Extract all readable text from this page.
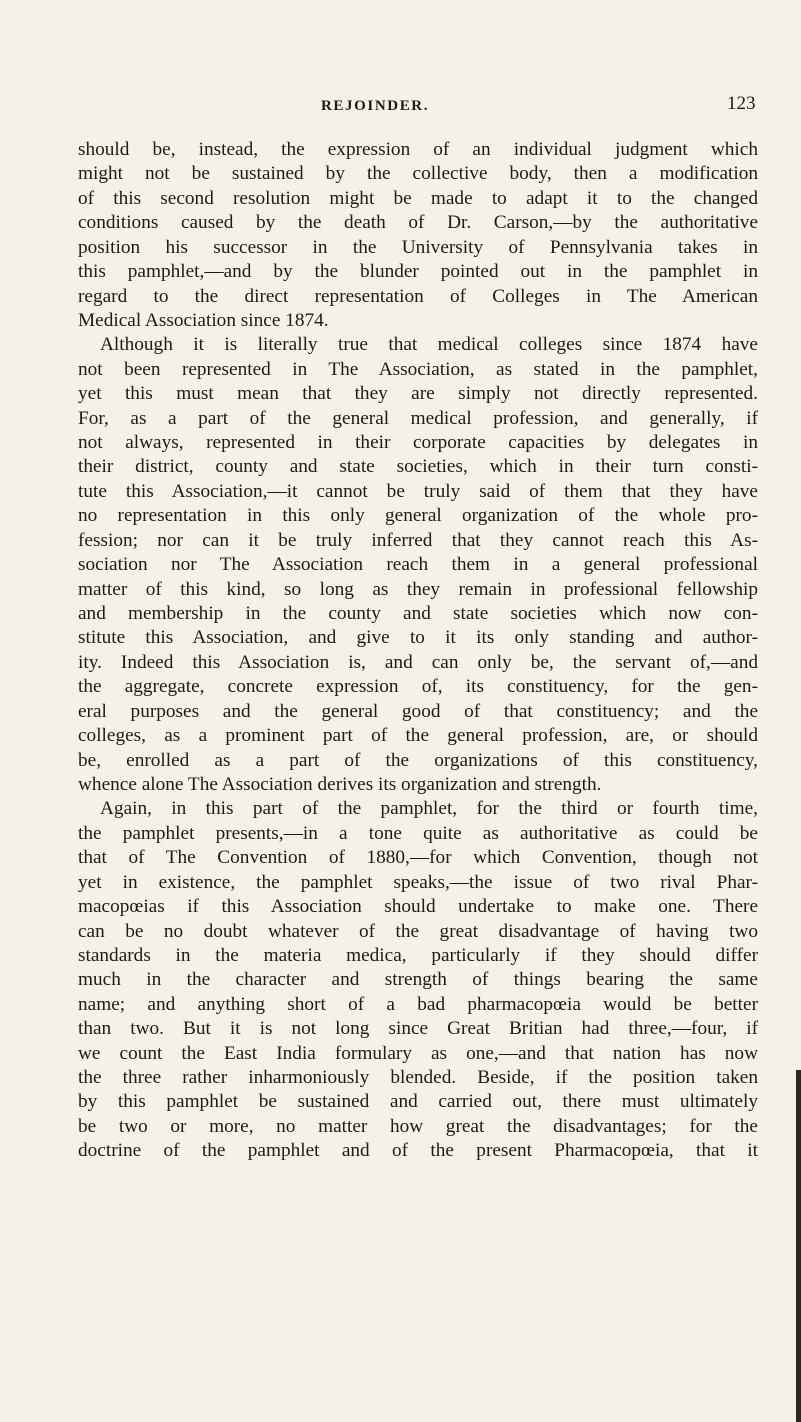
REJOINDER.	123
should be, instead, the expression of an individual judgment which
might not be sustained by the collective body, then a modification
of this second resolution might be made to adapt it to the changed
conditions caused by the death of Dr. Carson,—by the authoritative
position his successor in the University of Pennsylvania takes in
this pamphlet,—and by the blunder pointed out in the pamphlet in
regard to the direct representation of Colleges in The American
Medical Association since 1874.
Although it is literally true that medical colleges since 1874 have
not been represented in The Association, as stated in the pamphlet,
yet this must mean that they are simply not directly represented.
For, as a part of the general medical profession, and generally, if
not always, represented in their corporate capacities by delegates in
their district, county and state societies, which in their turn consti-
tute this Association,—it cannot be truly said of them that they have
no representation in this only general organization of the whole pro-
fession; nor can it be truly inferred that they cannot reach this As-
sociation nor The Association reach them in a general professional
matter of this kind, so long as they remain in professional fellowship
and membership in the county and state societies which now con-
stitute this Association, and give to it its only standing and author-
ity. Indeed this Association is, and can only be, the servant of,—and
the aggregate, concrete expression of, its constituency, for the gen-
eral purposes and the general good of that constituency; and the
colleges, as a prominent part of the general profession, are, or should
be, enrolled as a part of the organizations of this constituency,
whence alone The Association derives its organization and strength.
Again, in this part of the pamphlet, for the third or fourth time,
the pamphlet presents,—in a tone quite as authoritative as could be
that of The Convention of 1880,—for which Convention, though not
yet in existence, the pamphlet speaks,—the issue of two rival Phar-
macopœias if this Association should undertake to make one. There
can be no doubt whatever of the great disadvantage of having two
standards in the materia medica, particularly if they should differ
much in the character and strength of things bearing the same
name; and anything short of a bad pharmacopœia would be better
than two. But it is not long since Great Britian had three,—four, if
we count the East India formulary as one,—and that nation has now
the three rather inharmoniously blended. Beside, if the position taken
by this pamphlet be sustained and carried out, there must ultimately
be two or more, no matter how great the disadvantages; for the
doctrine of the pamphlet and of the present Pharmacopœia, that it
